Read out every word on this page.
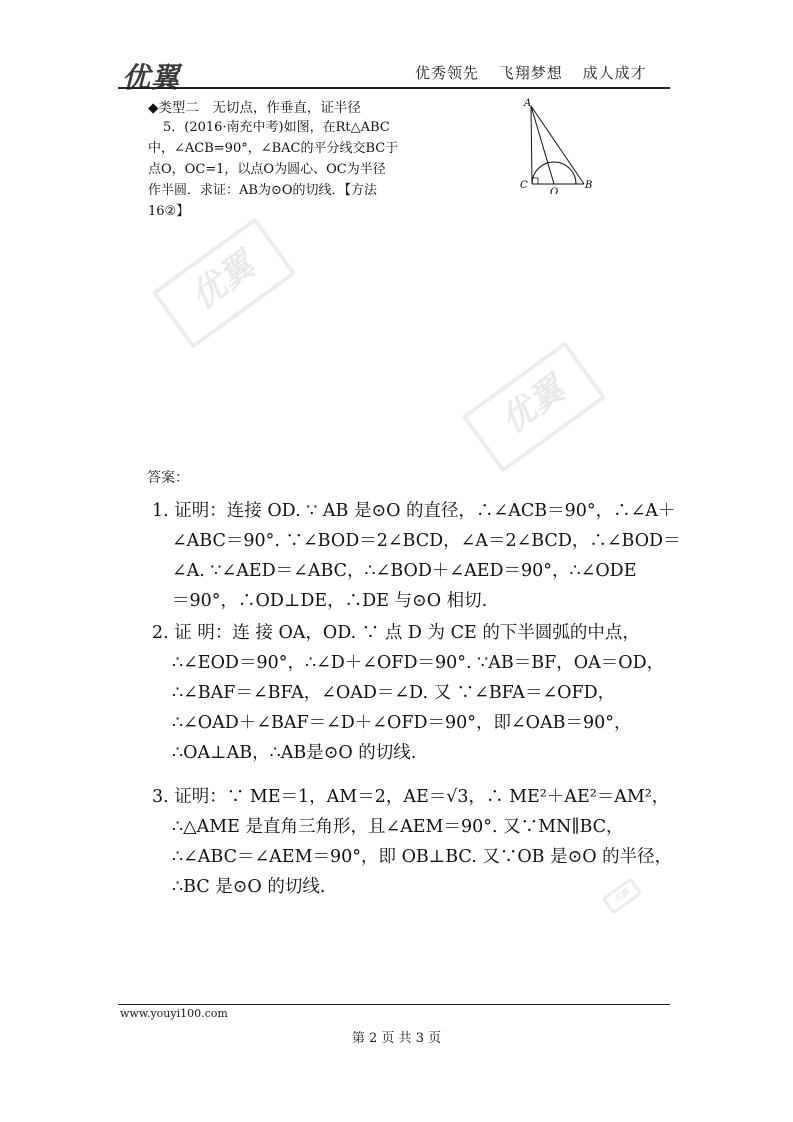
优翼	优秀领先 飞翔梦想 成人成才
优翼
优翼
优翼
◆类型二　无切点，作垂直，证半径
5．(2016·南充中考)如图，在Rt△ABC
中，∠ACB=90°，∠BAC的平分线交BC于
点O，OC=1，以点O为圆心、OC为半径
作半圆．求证：AB为⊙O的切线．【方法
16②】
A
C
O
B
答案：
1. 证明：连接 OD. ∵ AB 是⊙O 的直径，∴∠ACB＝90°，∴∠A＋
∠ABC＝90°. ∵∠BOD＝2∠BCD，∠A＝2∠BCD，∴∠BOD＝
∠A. ∵∠AED＝∠ABC，∴∠BOD＋∠AED＝90°，∴∠ODE
＝90°，∴OD⊥DE，∴DE 与⊙O 相切.
2. 证 明：连 接 OA，OD. ∵ 点 D 为 CE 的下半圆弧的中点，
∴∠EOD＝90°，∴∠D＋∠OFD＝90°. ∵AB＝BF，OA＝OD，
∴∠BAF＝∠BFA，∠OAD＝∠D. 又 ∵∠BFA＝∠OFD，
∴∠OAD＋∠BAF＝∠D＋∠OFD＝90°，即∠OAB＝90°，
∴OA⊥AB，∴AB是⊙O 的切线.
3. 证明：∵ ME＝1，AM＝2，AE＝√3，∴ ME²＋AE²＝AM²，
∴△AME 是直角三角形，且∠AEM＝90°. 又∵MN∥BC，
∴∠ABC＝∠AEM＝90°，即 OB⊥BC. 又∵OB 是⊙O 的半径，
∴BC 是⊙O 的切线.
www.youyi100.com
第 2 页 共 3 页
